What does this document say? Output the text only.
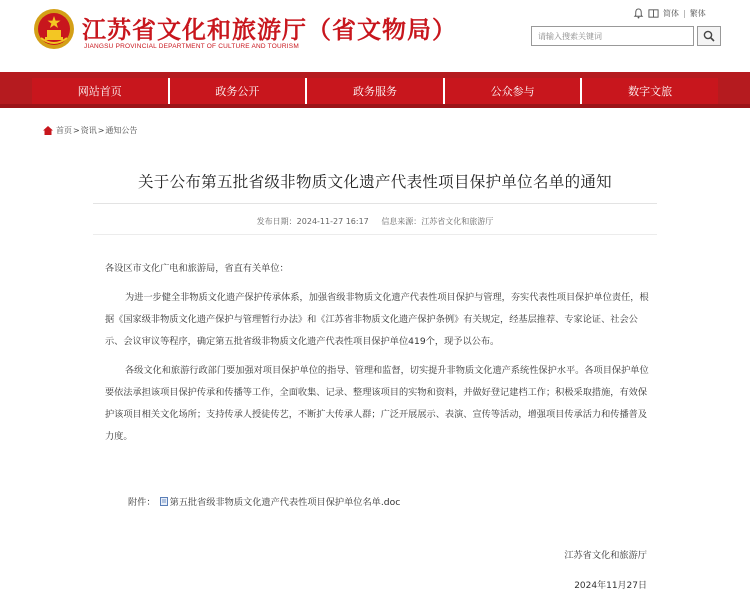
江苏省文化和旅游厅（省文物局）
JIANGSU PROVINCIAL DEPARTMENT OF CULTURE AND TOURISM
简体 | 繁体
请输入搜索关键词
网站首页	政务公开	政务服务	公众参与	数字文旅
首页 > 资讯 > 通知公告
关于公布第五批省级非物质文化遗产代表性项目保护单位名单的通知
发布日期：2024-11-27 16:17 信息来源：江苏省文化和旅游厅

各设区市文化广电和旅游局，省直有关单位：

为进一步健全非物质文化遗产保护传承体系，加强省级非物质文化遗产代表性项目保护与管理，夯实代表性项目保护单位责任，根据《国家级非物质文化遗产保护与管理暂行办法》和《江苏省非物质文化遗产保护条例》有关规定，经基层推荐、专家论证、社会公示、会议审议等程序，确定第五批省级非物质文化遗产代表性项目保护单位419个，现予以公布。

各级文化和旅游行政部门要加强对项目保护单位的指导、管理和监督，切实提升非物质文化遗产系统性保护水平。各项目保护单位要依法承担该项目保护传承和传播等工作，全面收集、记录、整理该项目的实物和资料，并做好登记建档工作；积极采取措施，有效保护该项目相关文化场所；支持传承人授徒传艺，不断扩大传承人群；广泛开展展示、表演、宣传等活动，增强项目传承活力和传播普及力度。

附件： 第五批省级非物质文化遗产代表性项目保护单位名单.doc
江苏省文化和旅游厅
2024年11月27日
